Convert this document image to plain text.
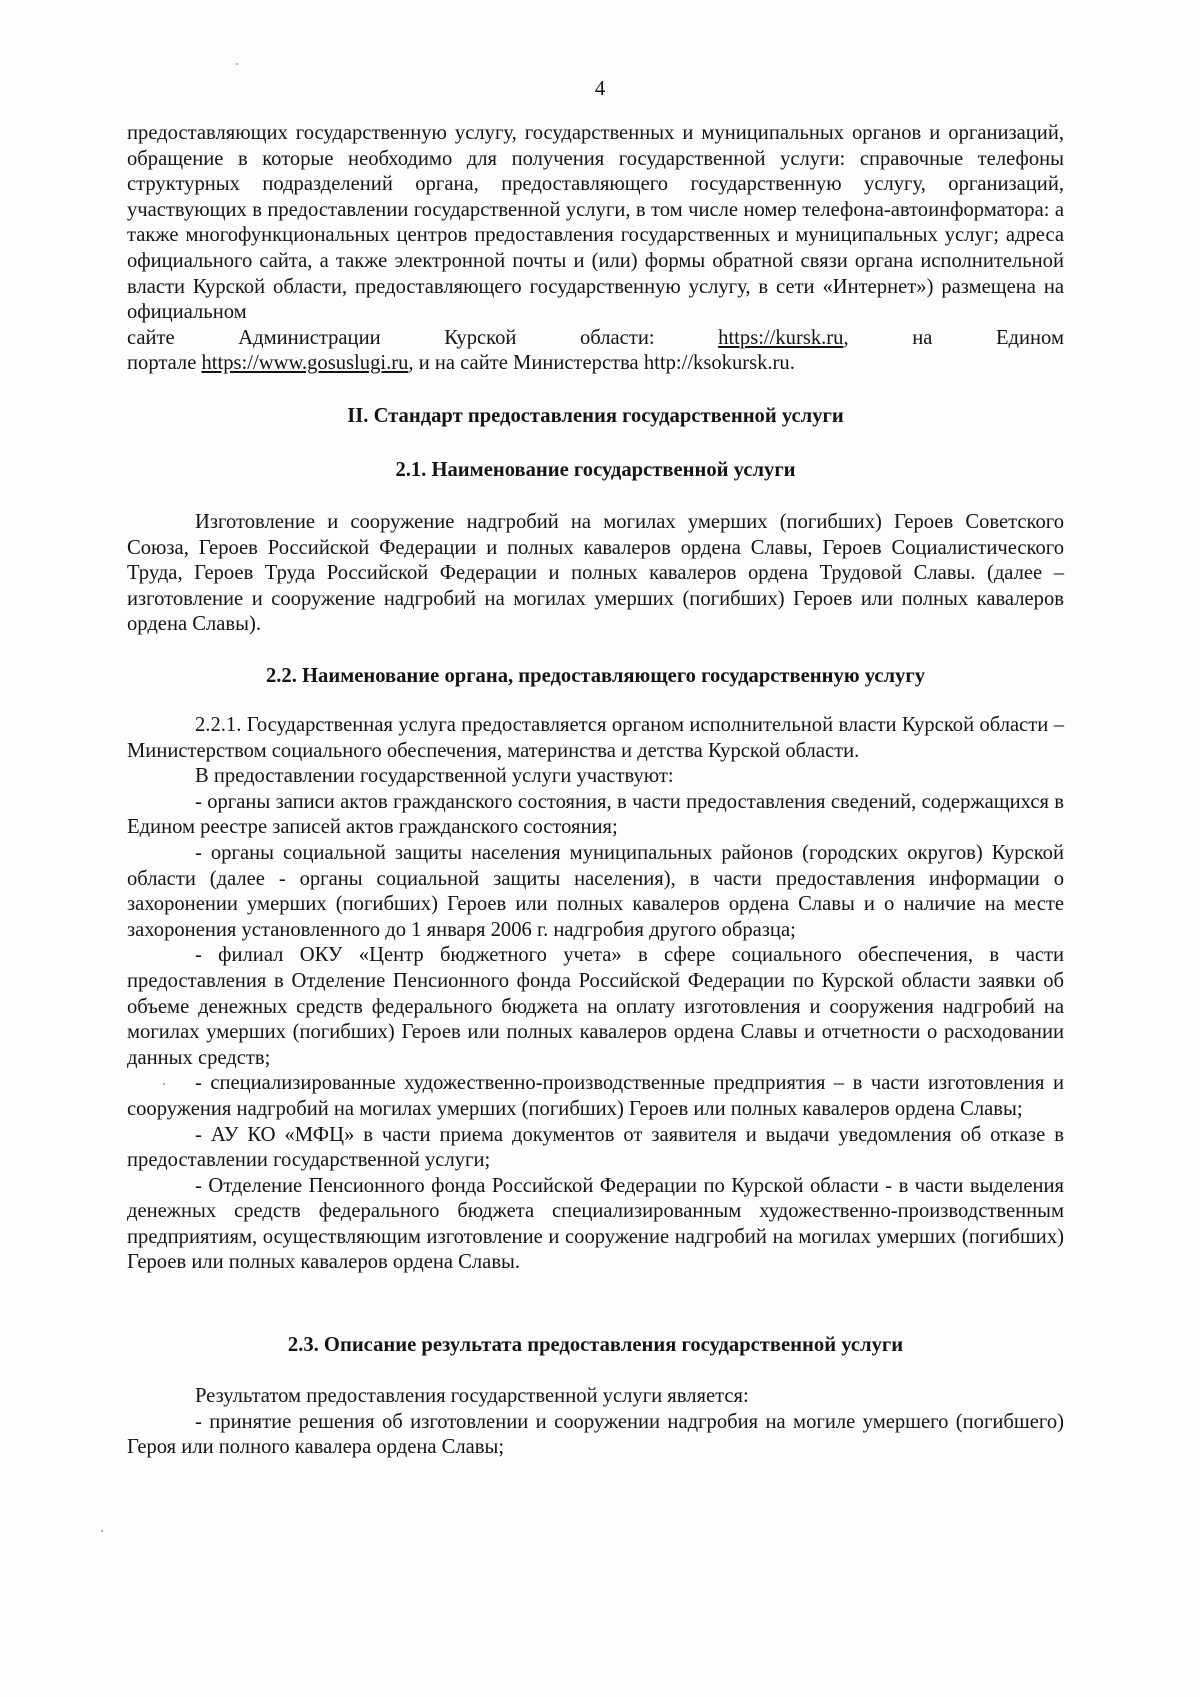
4

предоставляющих государственную услугу, государственных и муниципальных органов и организаций, обращение в которые необходимо для получения государственной услуги: справочные телефоны структурных подразделений органа, предоставляющего государственную услугу, организаций, участвующих в предоставлении государственной услуги, в том числе номер телефона-автоинформатора: а также многофункциональных центров предоставления государственных и муниципальных услуг; адреса официального сайта, а также электронной почты и (или) формы обратной связи органа исполнительной власти Курской области, предоставляющего государственную услугу, в сети «Интернет») размещена на официальном

сайте Администрации Курской области:	https://kursk.ru, на Едином
портале https://www.gosuslugi.ru, и на сайте Министерства http://ksokursk.ru.
II. Стандарт предоставления государственной услуги
2.1. Наименование государственной услуги

Изготовление и сооружение надгробий на могилах умерших (погибших) Героев Советского Союза, Героев Российской Федерации и полных кавалеров ордена Славы, Героев Социалистического Труда, Героев Труда Российской Федерации и полных кавалеров ордена Трудовой Славы. (далее – изготовление и сооружение надгробий на могилах умерших (погибших) Героев или полных кавалеров ордена Славы).

2.2. Наименование органа, предоставляющего государственную услугу

2.2.1. Государственная услуга предоставляется органом исполнительной власти Курской области – Министерством социального обеспечения, материнства и детства Курской области.

В предоставлении государственной услуги участвуют:

- органы записи актов гражданского состояния, в части предоставления сведений, содержащихся в Едином реестре записей актов гражданского состояния;

- органы социальной защиты населения муниципальных районов (городских округов) Курской области (далее - органы социальной защиты населения), в части предоставления информации о захоронении умерших (погибших) Героев или полных кавалеров ордена Славы и о наличие на месте захоронения установленного до 1 января 2006 г. надгробия другого образца;

- филиал ОКУ «Центр бюджетного учета» в сфере социального обеспечения, в части предоставления в Отделение Пенсионного фонда Российской Федерации по Курской области заявки об объеме денежных средств федерального бюджета на оплату изготовления и сооружения надгробий на могилах умерших (погибших) Героев или полных кавалеров ордена Славы и отчетности о расходовании данных средств;

- специализированные художественно-производственные предприятия – в части изготовления и сооружения надгробий на могилах умерших (погибших) Героев или полных кавалеров ордена Славы;

- АУ КО «МФЦ» в части приема документов от заявителя и выдачи уведомления об отказе в предоставлении государственной услуги;

- Отделение Пенсионного фонда Российской Федерации по Курской области - в части выделения денежных средств федерального бюджета специализированным художественно-производственным предприятиям, осуществляющим изготовление и сооружение надгробий на могилах умерших (погибших) Героев или полных кавалеров ордена Славы.

2.3. Описание результата предоставления государственной услуги

Результатом предоставления государственной услуги является:

- принятие решения об изготовлении и сооружении надгробия на могиле умершего (погибшего) Героя или полного кавалера ордена Славы;
